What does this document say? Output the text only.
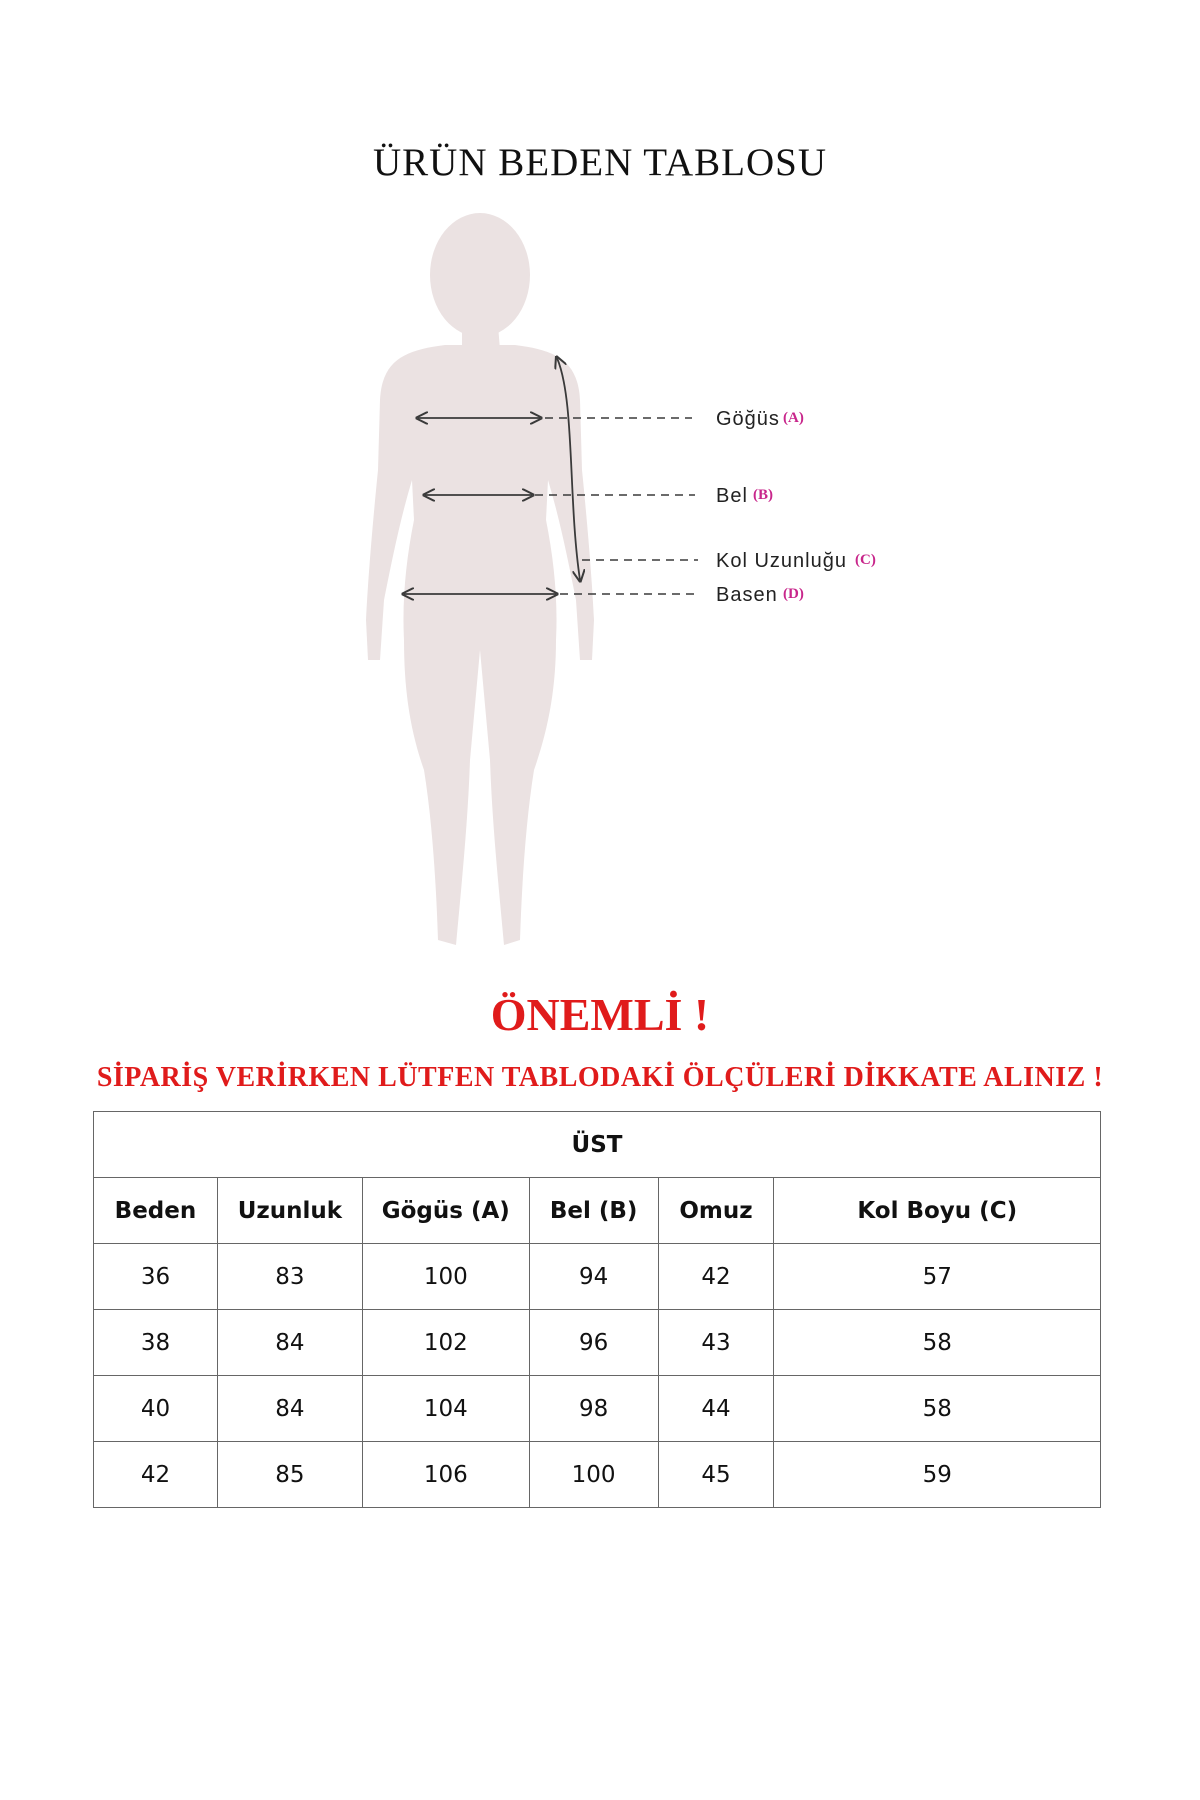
ÜRÜN BEDEN TABLOSU
Göğüs (A)
Bel (B)
Kol Uzunluğu (C)
Basen (D)
ÖNEMLİ !
SİPARİŞ VERİRKEN LÜTFEN TABLODAKİ ÖLÇÜLERİ DİKKATE ALINIZ !
ÜST					
Beden	Uzunluk	Gögüs (A)	Bel (B)	Omuz	Kol Boyu (C)
36	83	100	94	42	57
38	84	102	96	43	58
40	84	104	98	44	58
42	85	106	100	45	59
